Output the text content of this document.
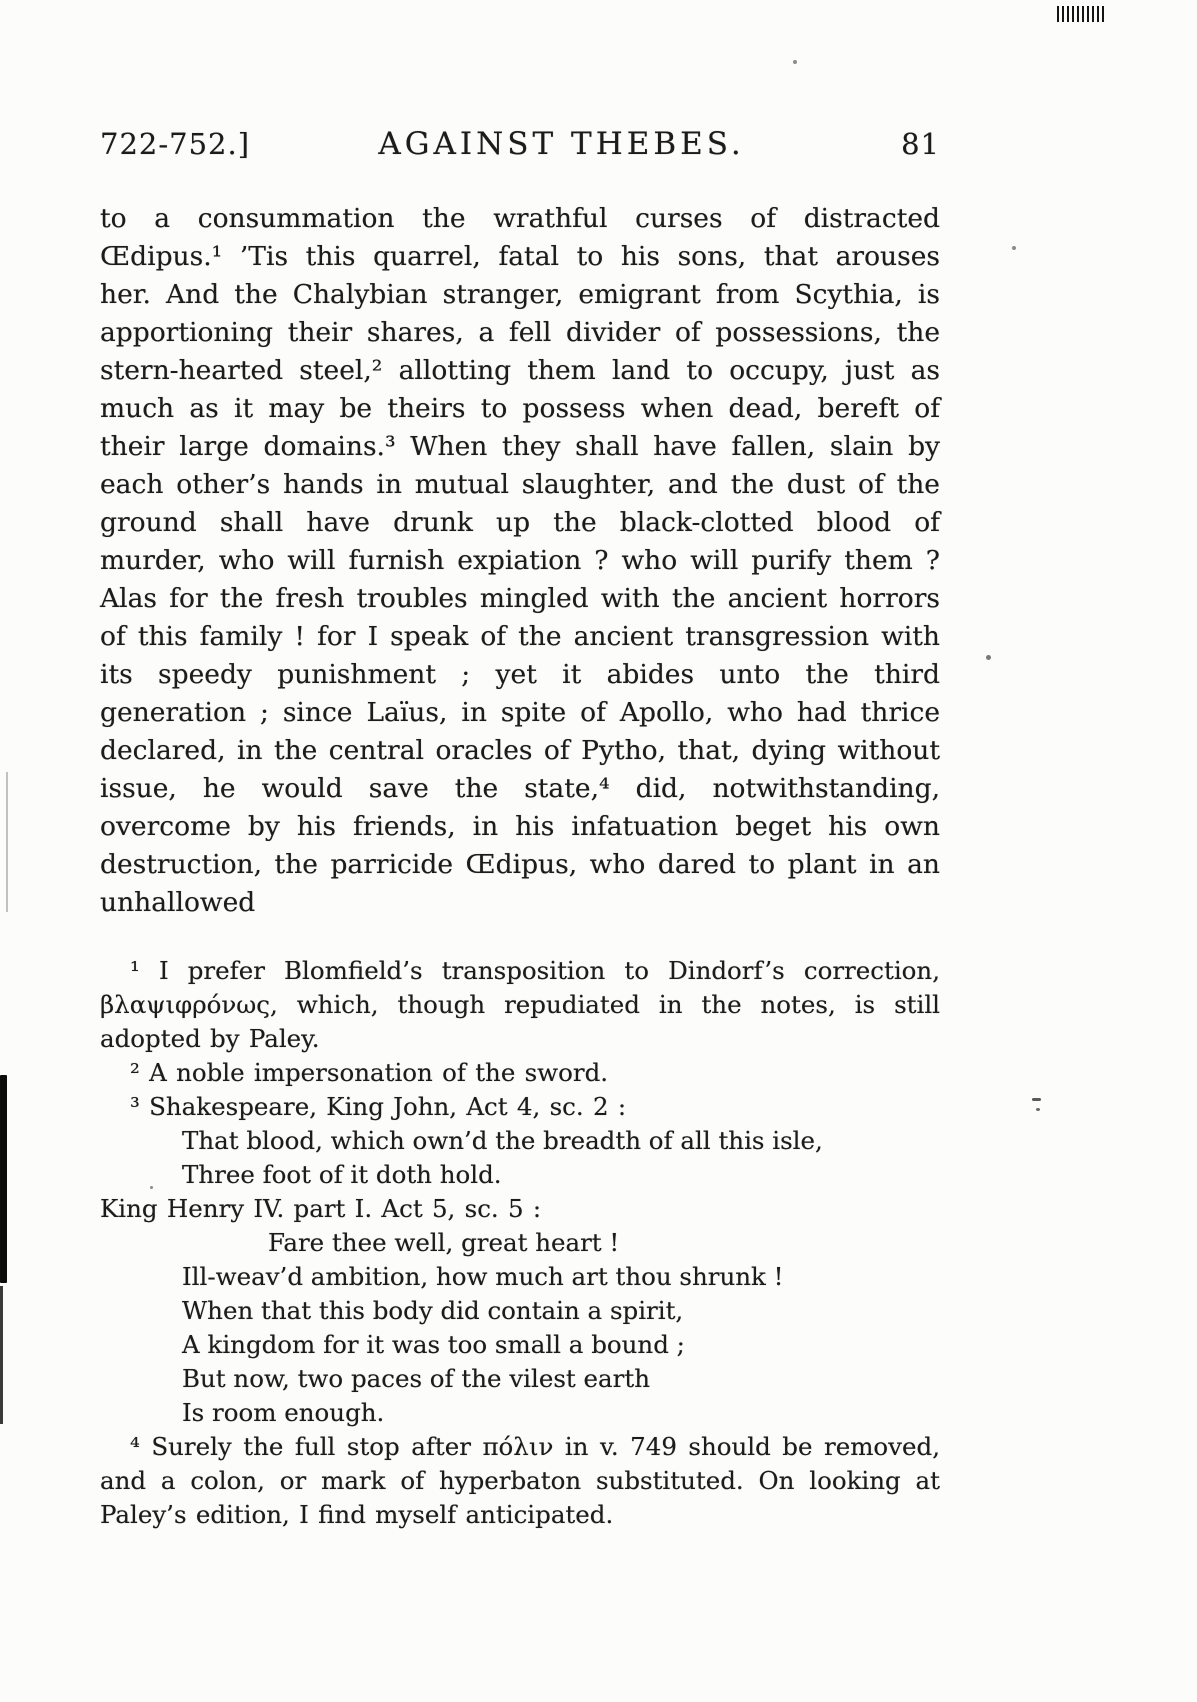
722-752.]	AGAINST THEBES.	81

to a consummation the wrathful curses of distracted Œdipus.¹ ’Tis this quarrel, fatal to his sons, that arouses her. And the Chalybian stranger, emigrant from Scythia, is apportioning their shares, a fell divider of possessions, the stern-hearted steel,² allotting them land to occupy, just as much as it may be theirs to possess when dead, bereft of their large domains.³ When they shall have fallen, slain by each other’s hands in mutual slaughter, and the dust of the ground shall have drunk up the black-clotted blood of murder, who will furnish expiation ? who will purify them ? Alas for the fresh troubles mingled with the ancient horrors of this family ! for I speak of the ancient transgression with its speedy punishment ; yet it abides unto the third generation ; since Laïus, in spite of Apollo, who had thrice declared, in the central oracles of Pytho, that, dying without issue, he would save the state,⁴ did, notwithstanding, overcome by his friends, in his infatuation beget his own destruction, the parricide Œdipus, who dared to plant in an unhallowed

¹ I prefer Blomfield’s transposition to Dindorf’s correction, βλαψιφρόνως, which, though repudiated in the notes, is still adopted by Paley.

² A noble impersonation of the sword.

³ Shakespeare, King John, Act 4, sc. 2 :

That blood, which own’d the breadth of all this isle,
Three foot of it doth hold.

King Henry IV. part I. Act 5, sc. 5 :

Fare thee well, great heart !
Ill-weav’d ambition, how much art thou shrunk !
When that this body did contain a spirit,
A kingdom for it was too small a bound ;
But now, two paces of the vilest earth
Is room enough.

⁴ Surely the full stop after πόλιν in v. 749 should be removed, and a colon, or mark of hyperbaton substituted. On looking at Paley’s edition, I find myself anticipated.
